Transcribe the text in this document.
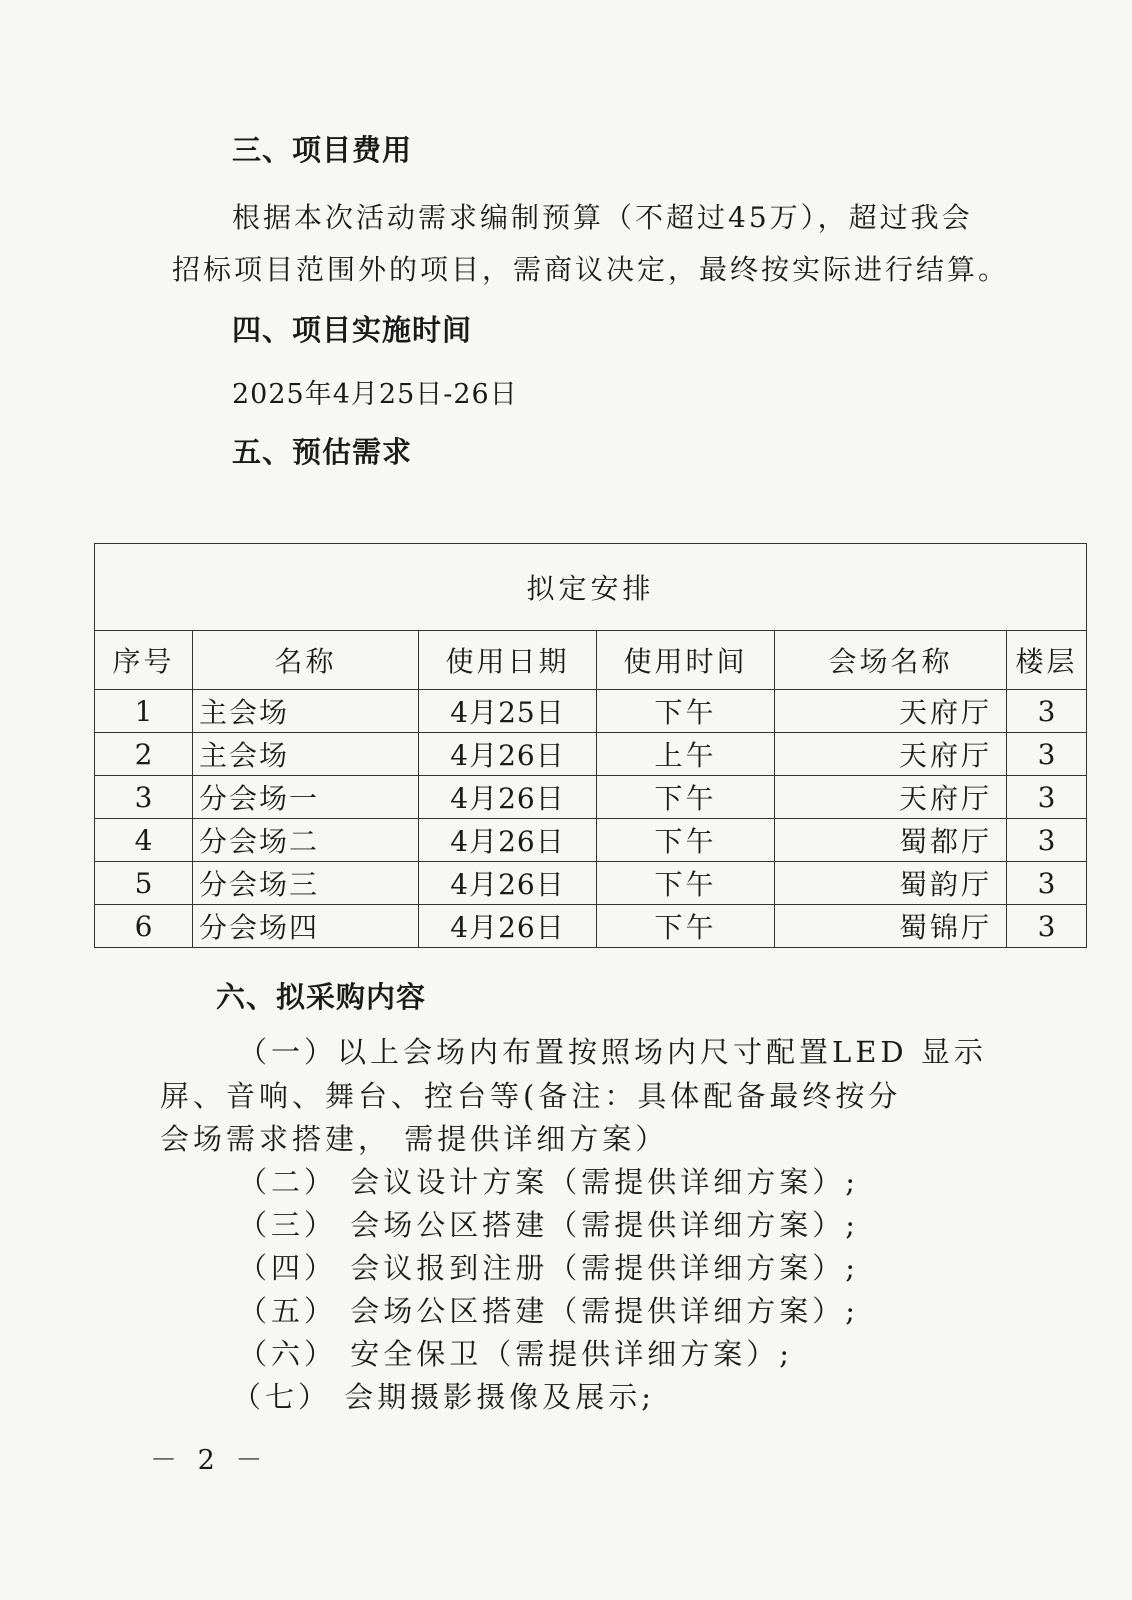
三、项目费用
根据本次活动需求编制预算（不超过45万），超过我会
招标项目范围外的项目，需商议决定，最终按实际进行结算。
四、项目实施时间
2025年4月25日-26日
五、预估需求
拟定安排					
序号	名称	使用日期	使用时间	会场名称	楼层
1	主会场	4月25日	下午	天府厅	3
2	主会场	4月26日	上午	天府厅	3
3	分会场一	4月26日	下午	天府厅	3
4	分会场二	4月26日	下午	蜀都厅	3
5	分会场三	4月26日	下午	蜀韵厅	3
6	分会场四	4月26日	下午	蜀锦厅	3
六、拟采购内容
（一）以上会场内布置按照场内尺寸配置LED 显示
屏、音响、舞台、控台等(备注：具体配备最终按分
会场需求搭建， 需提供详细方案）
（二） 会议设计方案（需提供详细方案）;
（三） 会场公区搭建（需提供详细方案）;
（四） 会议报到注册（需提供详细方案）;
（五） 会场公区搭建（需提供详细方案）;
（六） 安全保卫（需提供详细方案）;
（七） 会期摄影摄像及展示;
－ 2 －
